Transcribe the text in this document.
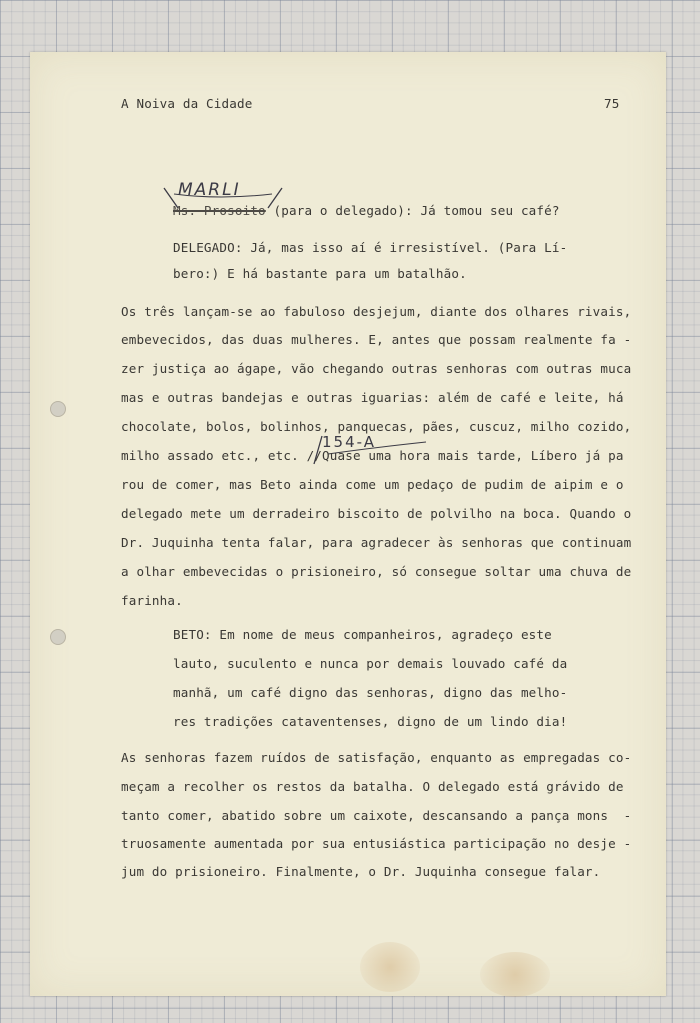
A Noiva da Cidade	75
MARLI
Ms. Prosoito (para o delegado): Já tomou seu café?
DELEGADO: Já, mas isso aí é irresistível. (Para Lí-
bero:) E há bastante para um batalhão.
Os três lançam-se ao fabuloso desjejum, diante dos olhares rivais,
embevecidos, das duas mulheres. E, antes que possam realmente fa -
zer justiça ao ágape, vão chegando outras senhoras com outras muca
mas e outras bandejas e outras iguarias: além de café e leite, há
chocolate, bolos, bolinhos, panquecas, pães, cuscuz, milho cozido,
154-A
milho assado etc., etc. //Quase uma hora mais tarde, Líbero já pa
rou de comer, mas Beto ainda come um pedaço de pudim de aipim e o
delegado mete um derradeiro biscoito de polvilho na boca. Quando o
Dr. Juquinha tenta falar, para agradecer às senhoras que continuam
a olhar embevecidas o prisioneiro, só consegue soltar uma chuva de
farinha.
BETO: Em nome de meus companheiros, agradeço este
lauto, suculento e nunca por demais louvado café da
manhã, um café digno das senhoras, digno das melho-
res tradições cataventenses, digno de um lindo dia!
As senhoras fazem ruídos de satisfação, enquanto as empregadas co-
meçam a recolher os restos da batalha. O delegado está grávido de
tanto comer, abatido sobre um caixote, descansando a pança mons  -
truosamente aumentada por sua entusiástica participação no desje -
jum do prisioneiro. Finalmente, o Dr. Juquinha consegue falar.
